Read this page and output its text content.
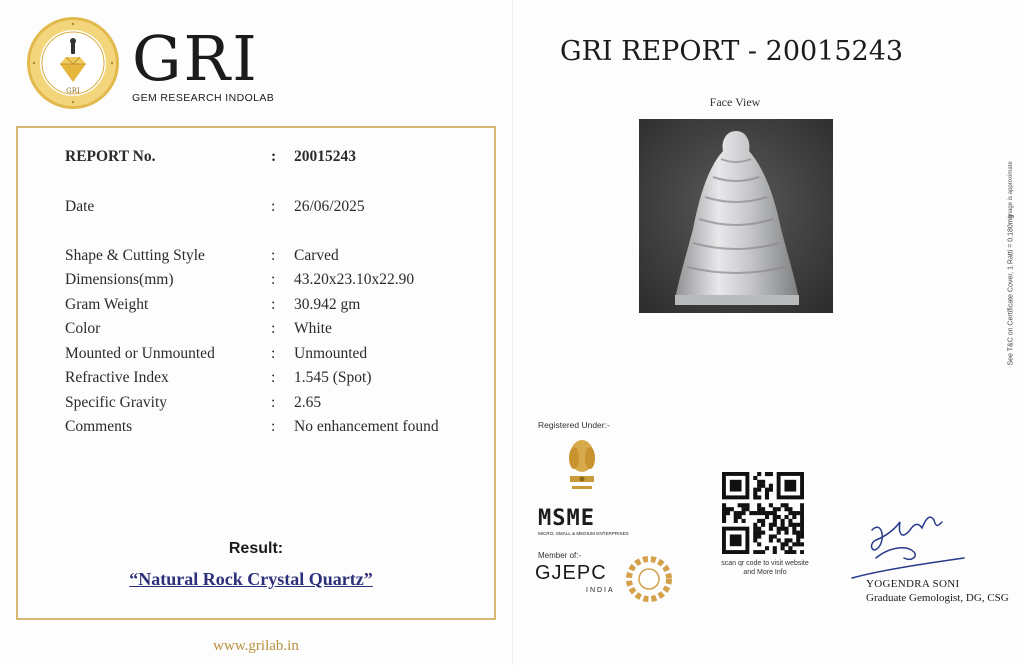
GRI GRI
GEM RESEARCH INDOLAB
REPORT No.	: 20015243
Date	: 26/06/2025
Shape & Cutting Style	: Carved
Dimensions(mm)	: 43.20x23.10x22.90
Gram Weight	: 30.942 gm
Color	: White
Mounted or Unmounted	: Unmounted
Refractive Index	: 1.545 (Spot)
Specific Gravity	: 2.65
Comments	: No enhancement found
Result:
“Natural Rock Crystal Quartz”
www.grilab.in
GRI REPORT - 20015243
Face View
Image is approximate
See T&C on Certificate Cover, 1 Ratti = 0.180mg
Registered Under:-
MSME
MICRO, SMALL & MEDIUM ENTERPRISES
Member of:-
GJEPC
INDIA
scan qr code to visit website
and More Info
YOGENDRA SONI
Graduate Gemologist, DG, CSG
